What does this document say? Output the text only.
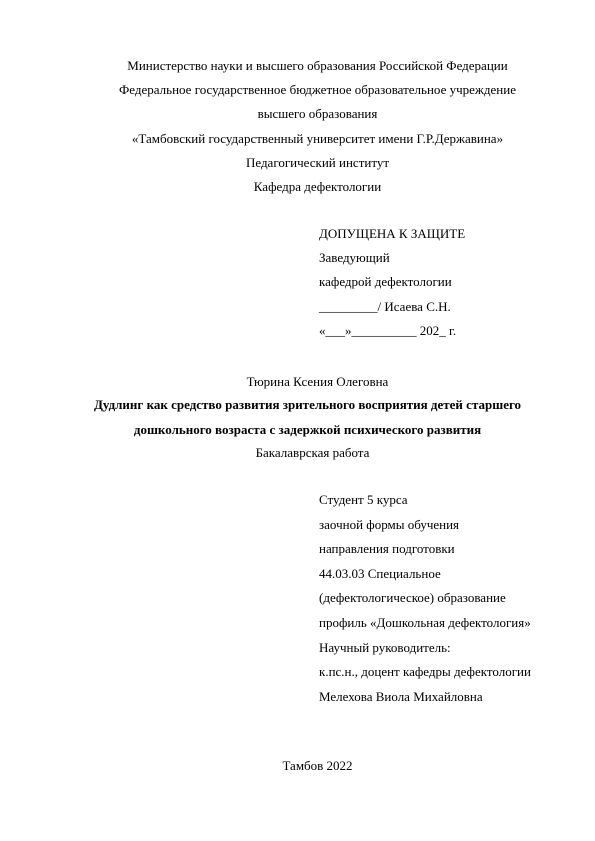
Министерство науки и высшего образования Российской Федерации
Федеральное государственное бюджетное образовательное учреждение
высшего образования
«Тамбовский государственный университет имени Г.Р.Державина»
Педагогический институт
Кафедра дефектологии
ДОПУЩЕНА К ЗАЩИТЕ
Заведующий
кафедрой дефектологии
_________/ Исаева С.Н.
«___»__________ 202_ г.
Тюрина Ксения Олеговна
Дудлинг как средство развития зрительного восприятия детей старшего
дошкольного возраста с задержкой психического развития
Бакалаврская работа
Студент 5 курса
заочной формы обучения
направления подготовки
44.03.03 Специальное
(дефектологическое) образование
профиль «Дошкольная дефектология»
Научный руководитель:
к.пс.н., доцент кафедры дефектологии
Мелехова Виола Михайловна
Тамбов 2022
